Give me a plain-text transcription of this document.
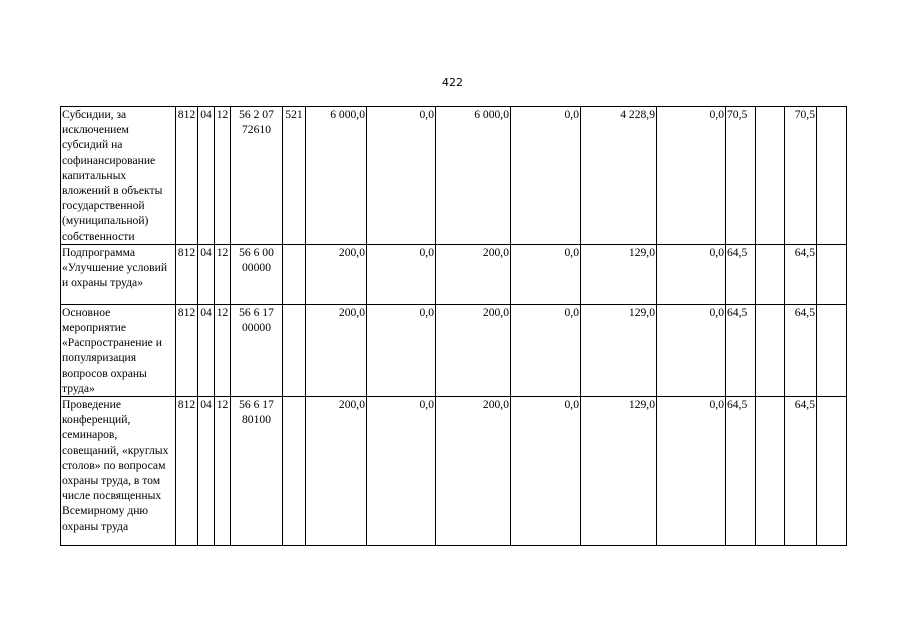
422
Субсидии, за исключением субсидий на софинансирование капитальных вложений в объекты государственной (муниципальной) собственности	812	04	12	56 2 07 72610	521	6 000,0	0,0	6 000,0	0,0	4 228,9	0,0	70,5		70,5	
Подпрограмма «Улучшение условий и охраны труда»	812	04	12	56 6 00 00000		200,0	0,0	200,0	0,0	129,0	0,0	64,5		64,5	
Основное мероприятие «Распространение и популяризация вопросов охраны труда»	812	04	12	56 6 17 00000		200,0	0,0	200,0	0,0	129,0	0,0	64,5		64,5	
Проведение конференций, семинаров, совещаний, «круглых столов» по вопросам охраны труда, в том числе посвященных Всемирному дню охраны труда	812	04	12	56 6 17 80100		200,0	0,0	200,0	0,0	129,0	0,0	64,5		64,5	
